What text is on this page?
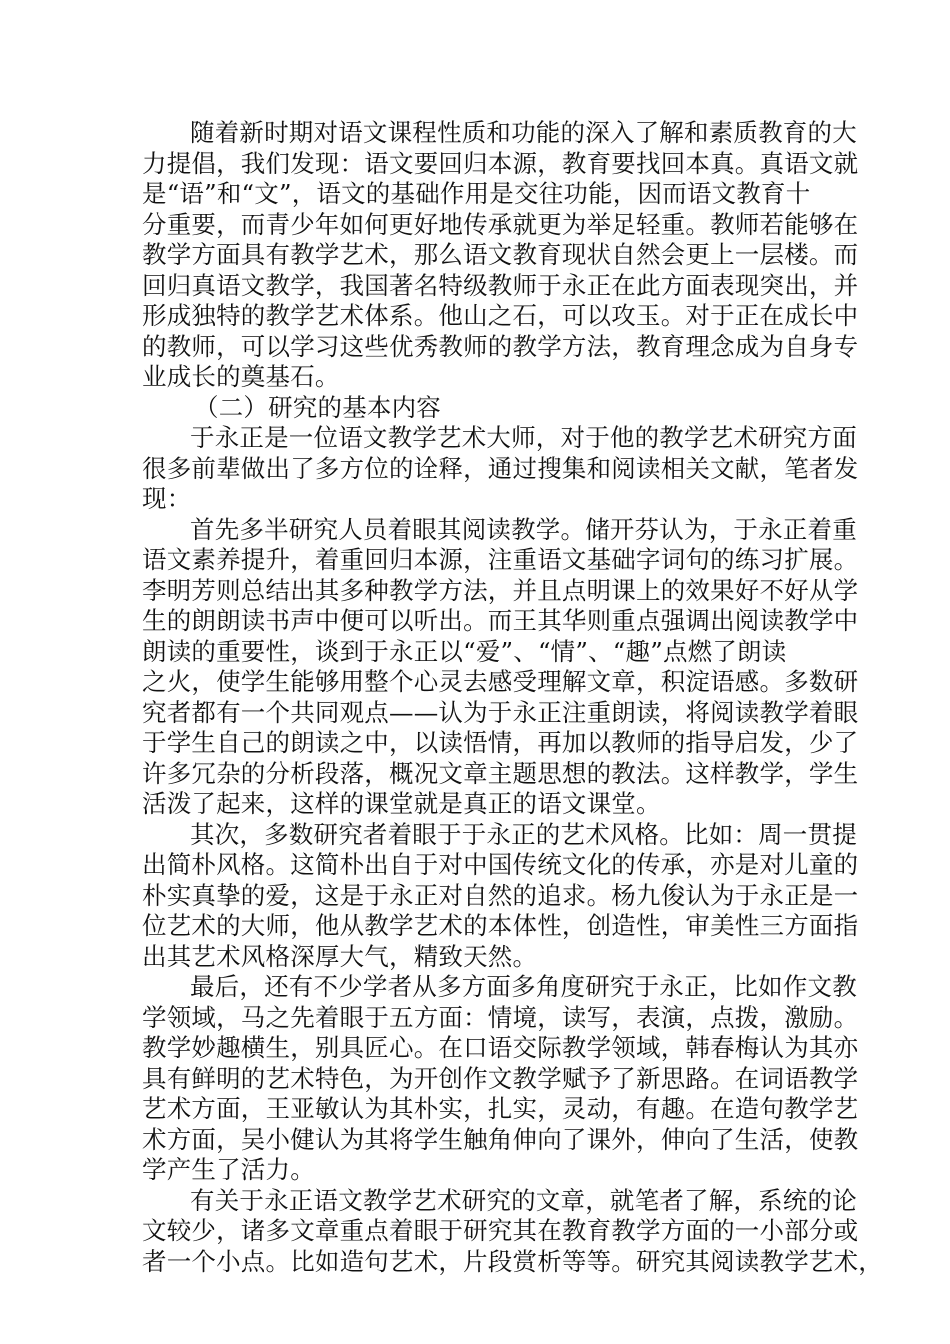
随着新时期对语文课程性质和功能的深入了解和素质教育的大
力提倡，我们发现：语文要回归本源，教育要找回本真。真语文就
是“语”和“文”，语文的基础作用是交往功能，因而语文教育十
分重要，而青少年如何更好地传承就更为举足轻重。教师若能够在
教学方面具有教学艺术，那么语文教育现状自然会更上一层楼。而
回归真语文教学，我国著名特级教师于永正在此方面表现突出，并
形成独特的教学艺术体系。他山之石，可以攻玉。对于正在成长中
的教师，可以学习这些优秀教师的教学方法，教育理念成为自身专
业成长的奠基石。
（二）研究的基本内容
于永正是一位语文教学艺术大师，对于他的教学艺术研究方面
很多前辈做出了多方位的诠释，通过搜集和阅读相关文献，笔者发
现：
首先多半研究人员着眼其阅读教学。储开芬认为，于永正着重
语文素养提升，着重回归本源，注重语文基础字词句的练习扩展。
李明芳则总结出其多种教学方法，并且点明课上的效果好不好从学
生的朗朗读书声中便可以听出。而王其华则重点强调出阅读教学中
朗读的重要性，谈到于永正以“爱”、“情”、“趣”点燃了朗读
之火，使学生能够用整个心灵去感受理解文章，积淀语感。多数研
究者都有一个共同观点——认为于永正注重朗读，将阅读教学着眼
于学生自己的朗读之中，以读悟情，再加以教师的指导启发，少了
许多冗杂的分析段落，概况文章主题思想的教法。这样教学，学生
活泼了起来，这样的课堂就是真正的语文课堂。
其次，多数研究者着眼于于永正的艺术风格。比如：周一贯提
出简朴风格。这简朴出自于对中国传统文化的传承，亦是对儿童的
朴实真挚的爱，这是于永正对自然的追求。杨九俊认为于永正是一
位艺术的大师，他从教学艺术的本体性，创造性，审美性三方面指
出其艺术风格深厚大气，精致天然。
最后，还有不少学者从多方面多角度研究于永正，比如作文教
学领域，马之先着眼于五方面：情境，读写，表演，点拨，激励。
教学妙趣横生，别具匠心。在口语交际教学领域，韩春梅认为其亦
具有鲜明的艺术特色，为开创作文教学赋予了新思路。在词语教学
艺术方面，王亚敏认为其朴实，扎实，灵动，有趣。在造句教学艺
术方面，吴小健认为其将学生触角伸向了课外，伸向了生活，使教
学产生了活力。
有关于永正语文教学艺术研究的文章，就笔者了解，系统的论
文较少，诸多文章重点着眼于研究其在教育教学方面的一小部分或
者一个小点。比如造句艺术，片段赏析等等。研究其阅读教学艺术，
